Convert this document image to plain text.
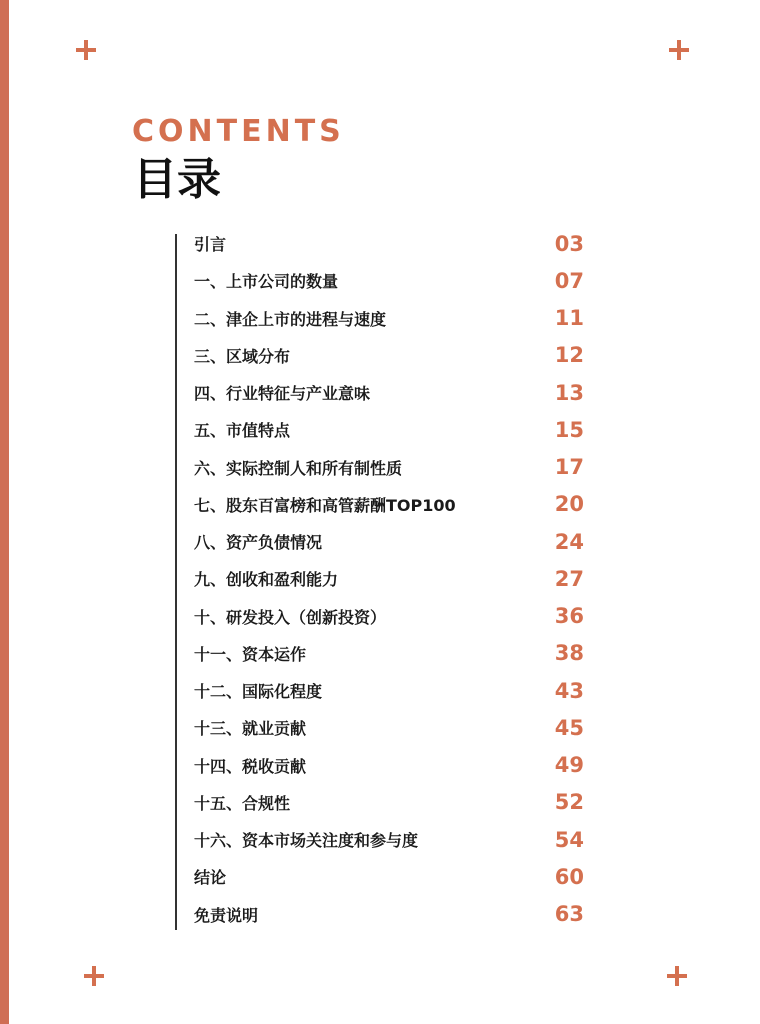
CONTENTS
目录
引言	03
一、上市公司的数量	07
二、津企上市的进程与速度	11
三、区域分布	12
四、行业特征与产业意味	13
五、市值特点	15
六、实际控制人和所有制性质	17
七、股东百富榜和高管薪酬TOP100	20
八、资产负债情况	24
九、创收和盈利能力	27
十、研发投入（创新投资）	36
十一、资本运作	38
十二、国际化程度	43
十三、就业贡献	45
十四、税收贡献	49
十五、合规性	52
十六、资本市场关注度和参与度	54
结论	60
免责说明	63
